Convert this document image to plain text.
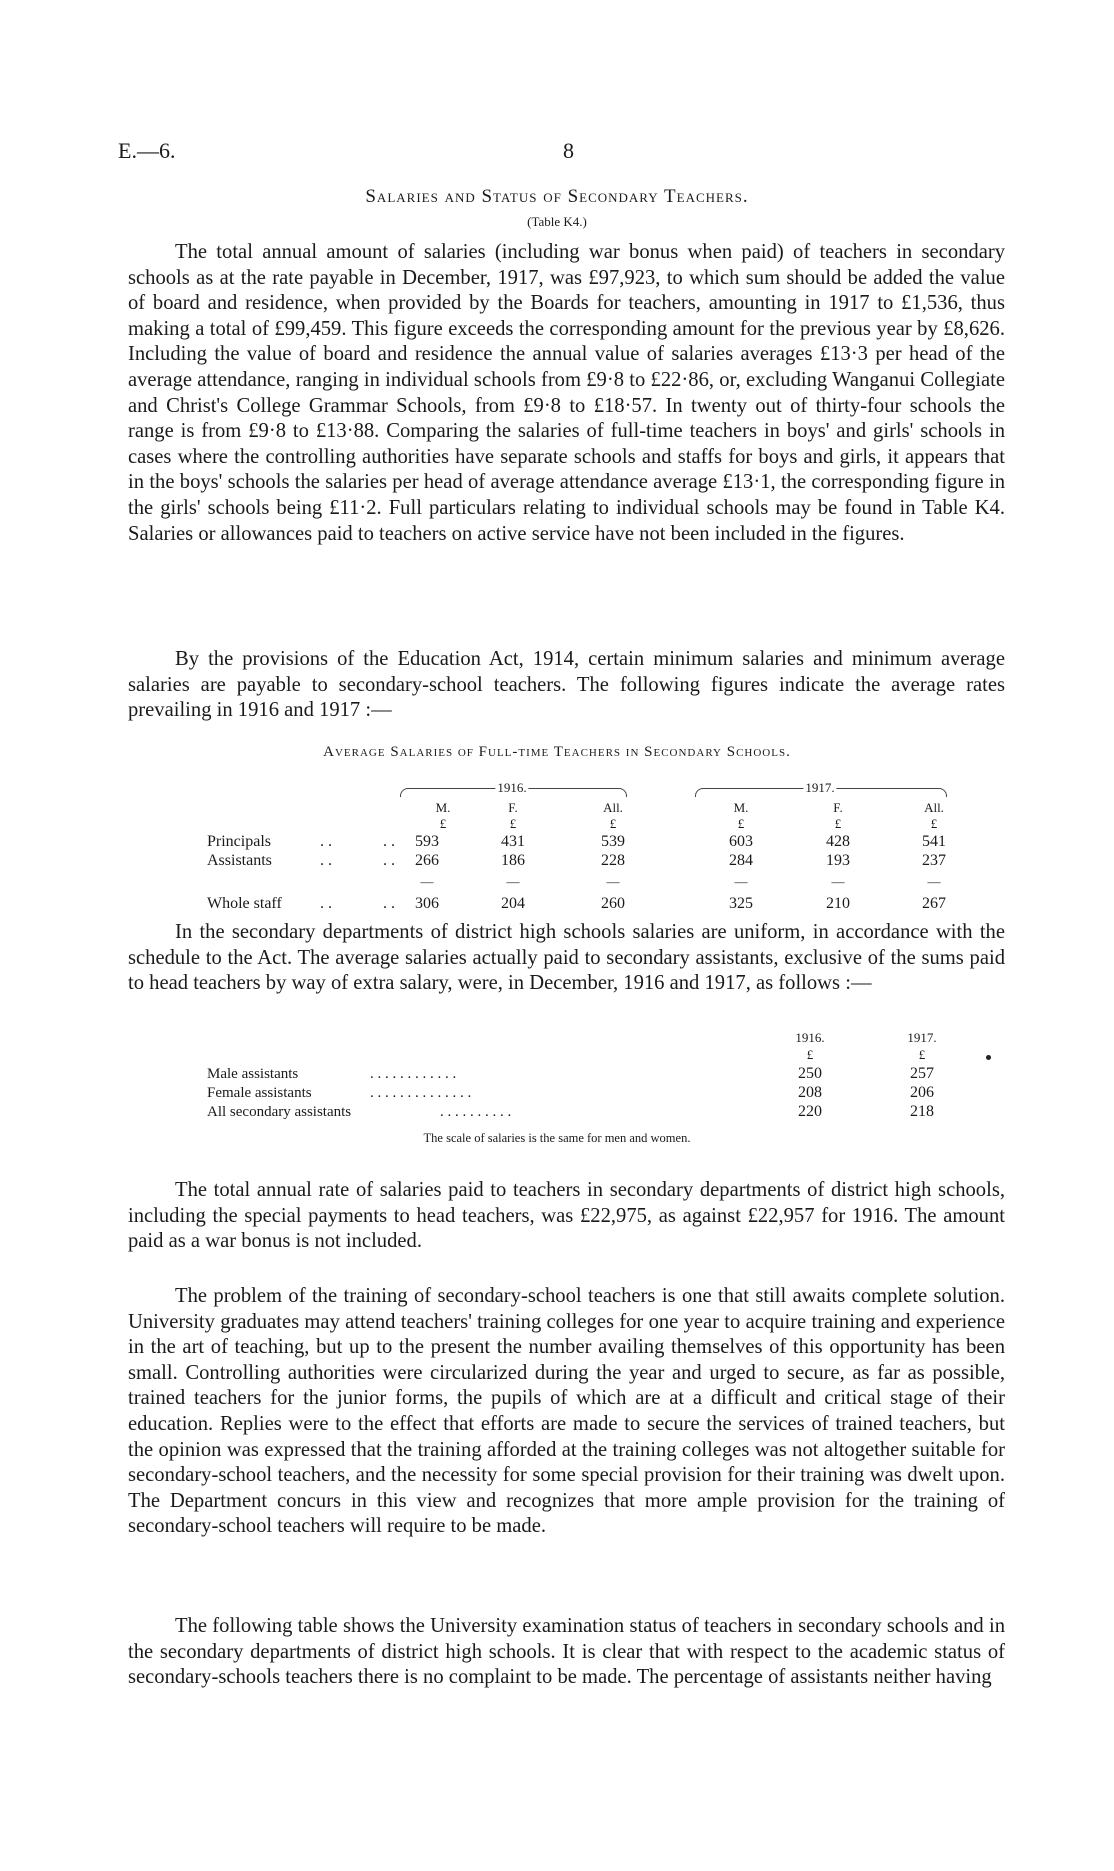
E.—6.	8
Salaries and Status of Secondary Teachers.
(Table K4.)

The total annual amount of salaries (including war bonus when paid) of teachers in secondary schools as at the rate payable in December, 1917, was £97,923, to which sum should be added the value of board and residence, when provided by the Boards for teachers, amounting in 1917 to £1,536, thus making a total of £99,459. This figure exceeds the corresponding amount for the previous year by £8,626. Including the value of board and residence the annual value of salaries averages £13·3 per head of the average attendance, ranging in individual schools from £9·8 to £22·86, or, excluding Wanganui Collegiate and Christ's College Grammar Schools, from £9·8 to £18·57. In twenty out of thirty-four schools the range is from £9·8 to £13·88. Comparing the salaries of full-time teachers in boys' and girls' schools in cases where the controlling authorities have separate schools and staffs for boys and girls, it appears that in the boys' schools the salaries per head of average attendance average £13·1, the corresponding figure in the girls' schools being £11·2. Full particulars relating to individual schools may be found in Table K4. Salaries or allowances paid to teachers on active service have not been included in the figures.

By the provisions of the Education Act, 1914, certain minimum salaries and minimum average salaries are payable to secondary-school teachers. The following figures indicate the average rates prevailing in 1916 and 1917 :—

Average Salaries of Full-time Teachers in Secondary Schools.
1916.	1917.
M.	F.	All.	M.	F.	All.
£	£	£	£	£	£
Principals	. .	. . 593	431	539	603	428	541
Assistants	. .	. . 266	186	228	284	193	237
—	—	—	—	—	—
Whole staff . .	. . 306	204	260	325	210	267

In the secondary departments of district high schools salaries are uniform, in accordance with the schedule to the Act. The average salaries actually paid to secondary assistants, exclusive of the sums paid to head teachers by way of extra salary, were, in December, 1916 and 1917, as follows :—

1916.	1917.
£	£
Male assistants	. . . . . . . . . . . .	250	257
Female assistants	. . . . . . . . . . . . . .	208	206
All secondary assistants	. . . . . . . . . .	220	218
The scale of salaries is the same for men and women.

The total annual rate of salaries paid to teachers in secondary departments of district high schools, including the special payments to head teachers, was £22,975, as against £22,957 for 1916. The amount paid as a war bonus is not included.

The problem of the training of secondary-school teachers is one that still awaits complete solution. University graduates may attend teachers' training colleges for one year to acquire training and experience in the art of teaching, but up to the present the number availing themselves of this opportunity has been small. Controlling authorities were circularized during the year and urged to secure, as far as possible, trained teachers for the junior forms, the pupils of which are at a difficult and critical stage of their education. Replies were to the effect that efforts are made to secure the services of trained teachers, but the opinion was expressed that the training afforded at the training colleges was not altogether suitable for secondary-school teachers, and the necessity for some special provision for their training was dwelt upon. The Department concurs in this view and recognizes that more ample provision for the training of secondary-school teachers will require to be made.

The following table shows the University examination status of teachers in secondary schools and in the secondary departments of district high schools. It is clear that with respect to the academic status of secondary-schools teachers there is no complaint to be made. The percentage of assistants neither having
